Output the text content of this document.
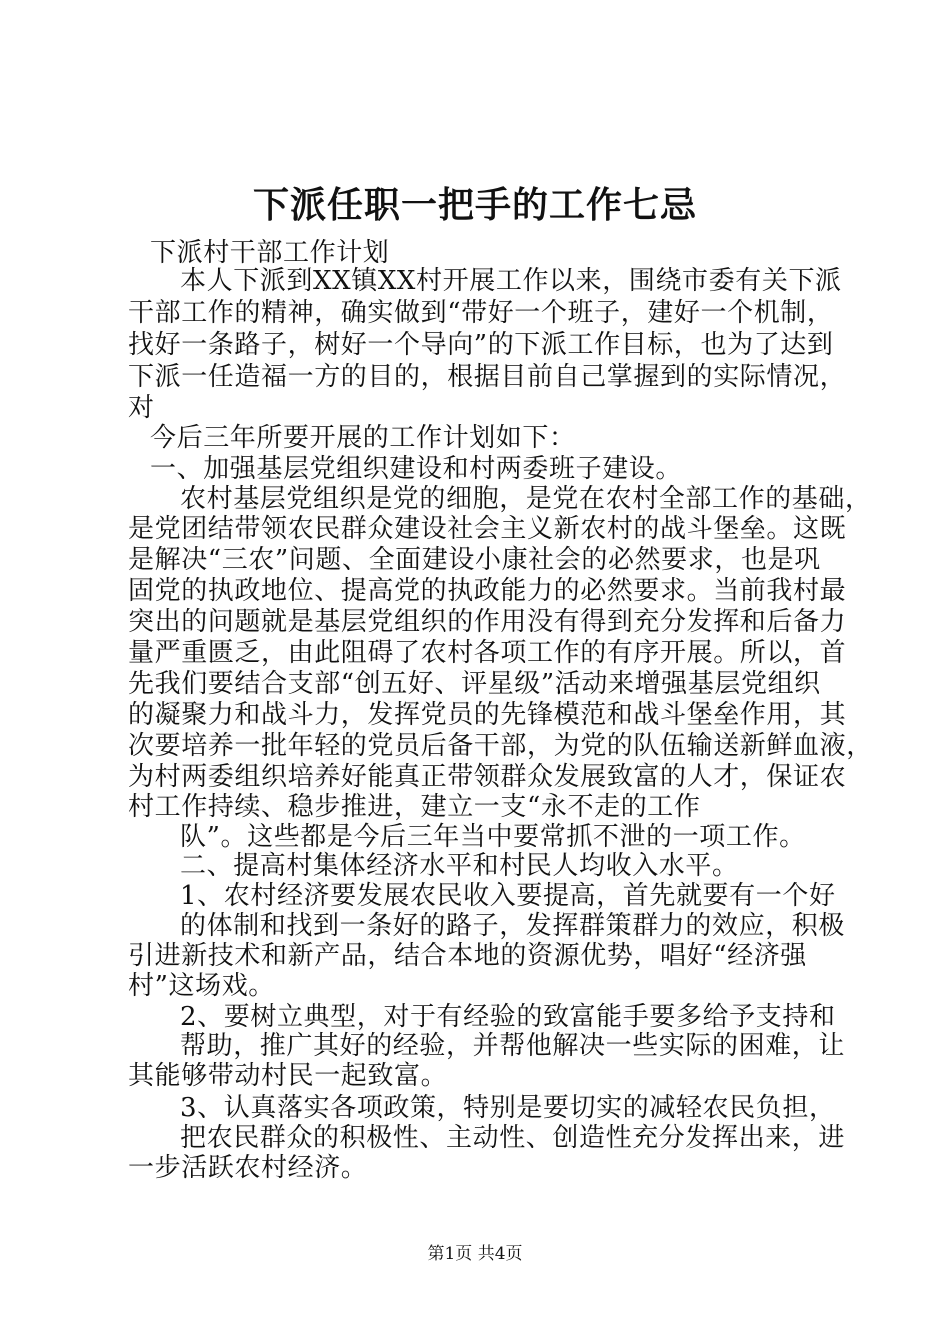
下派任职一把手的工作七忌
下派村干部工作计划
本人下派到XX镇XX村开展工作以来，围绕市委有关下派
干部工作的精神，确实做到“带好一个班子，建好一个机制，
找好一条路子，树好一个导向”的下派工作目标，也为了达到
下派一任造福一方的目的，根据目前自己掌握到的实际情况，
对
今后三年所要开展的工作计划如下：
一、加强基层党组织建设和村两委班子建设。
农村基层党组织是党的细胞，是党在农村全部工作的基础，
是党团结带领农民群众建设社会主义新农村的战斗堡垒。这既
是解决“三农”问题、全面建设小康社会的必然要求，也是巩
固党的执政地位、提高党的执政能力的必然要求。当前我村最
突出的问题就是基层党组织的作用没有得到充分发挥和后备力
量严重匮乏，由此阻碍了农村各项工作的有序开展。所以，首
先我们要结合支部“创五好、评星级”活动来增强基层党组织
的凝聚力和战斗力，发挥党员的先锋模范和战斗堡垒作用，其
次要培养一批年轻的党员后备干部，为党的队伍输送新鲜血液，
为村两委组织培养好能真正带领群众发展致富的人才，保证农
村工作持续、稳步推进，建立一支“永不走的工作
队”。这些都是今后三年当中要常抓不泄的一项工作。
二、提高村集体经济水平和村民人均收入水平。
1、农村经济要发展农民收入要提高，首先就要有一个好
的体制和找到一条好的路子，发挥群策群力的效应，积极
引进新技术和新产品，结合本地的资源优势，唱好“经济强
村”这场戏。
2、要树立典型，对于有经验的致富能手要多给予支持和
帮助，推广其好的经验，并帮他解决一些实际的困难，让
其能够带动村民一起致富。
3、认真落实各项政策，特别是要切实的减轻农民负担，
把农民群众的积极性、主动性、创造性充分发挥出来，进
一步活跃农村经济。
第1页 共4页
